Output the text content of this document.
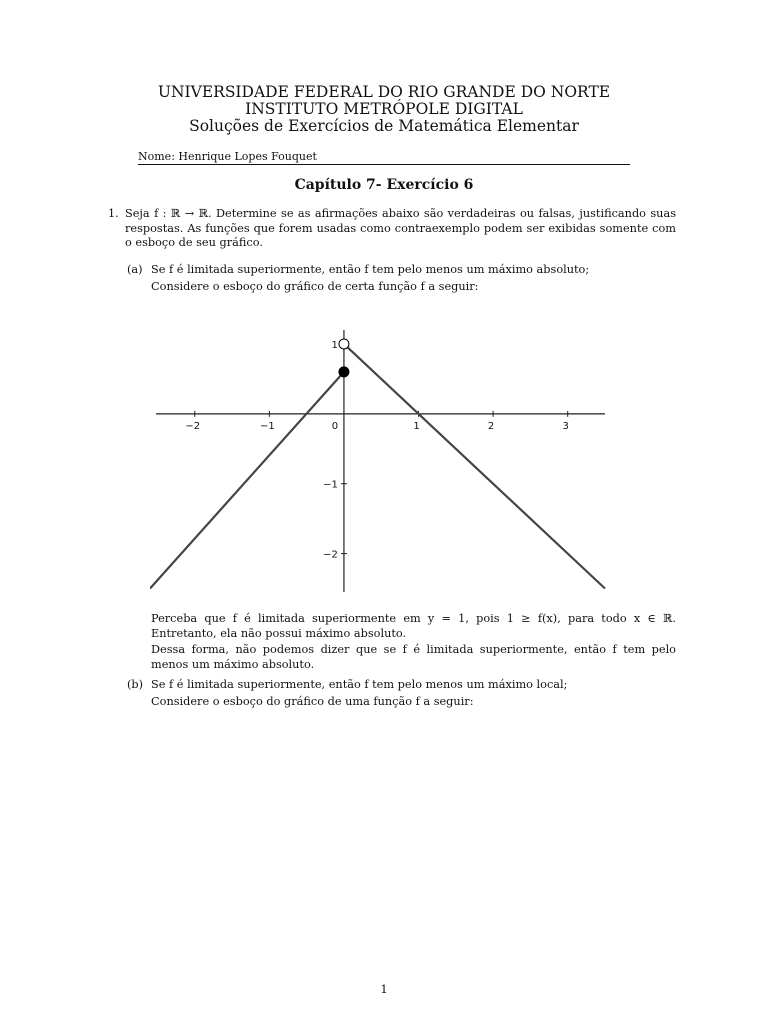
UNIVERSIDADE FEDERAL DO RIO GRANDE DO NORTE
INSTITUTO METRÓPOLE DIGITAL
Soluções de Exercícios de Matemática Elementar
Nome: Henrique Lopes Fouquet
Capítulo 7- Exercício 6
1. Seja f : ℝ → ℝ. Determine se as afirmações abaixo são verdadeiras ou falsas, justificando suas respostas. As funções que forem usadas como contraexemplo podem ser exibidas somente com o esboço de seu gráfico.
(a) Se f é limitada superiormente, então f tem pelo menos um máximo absoluto;
Considere o esboço do gráfico de certa função f a seguir:
−2	−1	0	1	2	3
1
−1
−2
Perceba que f é limitada superiormente em y = 1, pois 1 ≥ f(x), para todo x ∈ ℝ. Entretanto, ela não possui máximo absoluto.
Dessa forma, não podemos dizer que se f é limitada superiormente, então f tem pelo menos um máximo absoluto.
(b) Se f é limitada superiormente, então f tem pelo menos um máximo local;
Considere o esboço do gráfico de uma função f a seguir:
1
